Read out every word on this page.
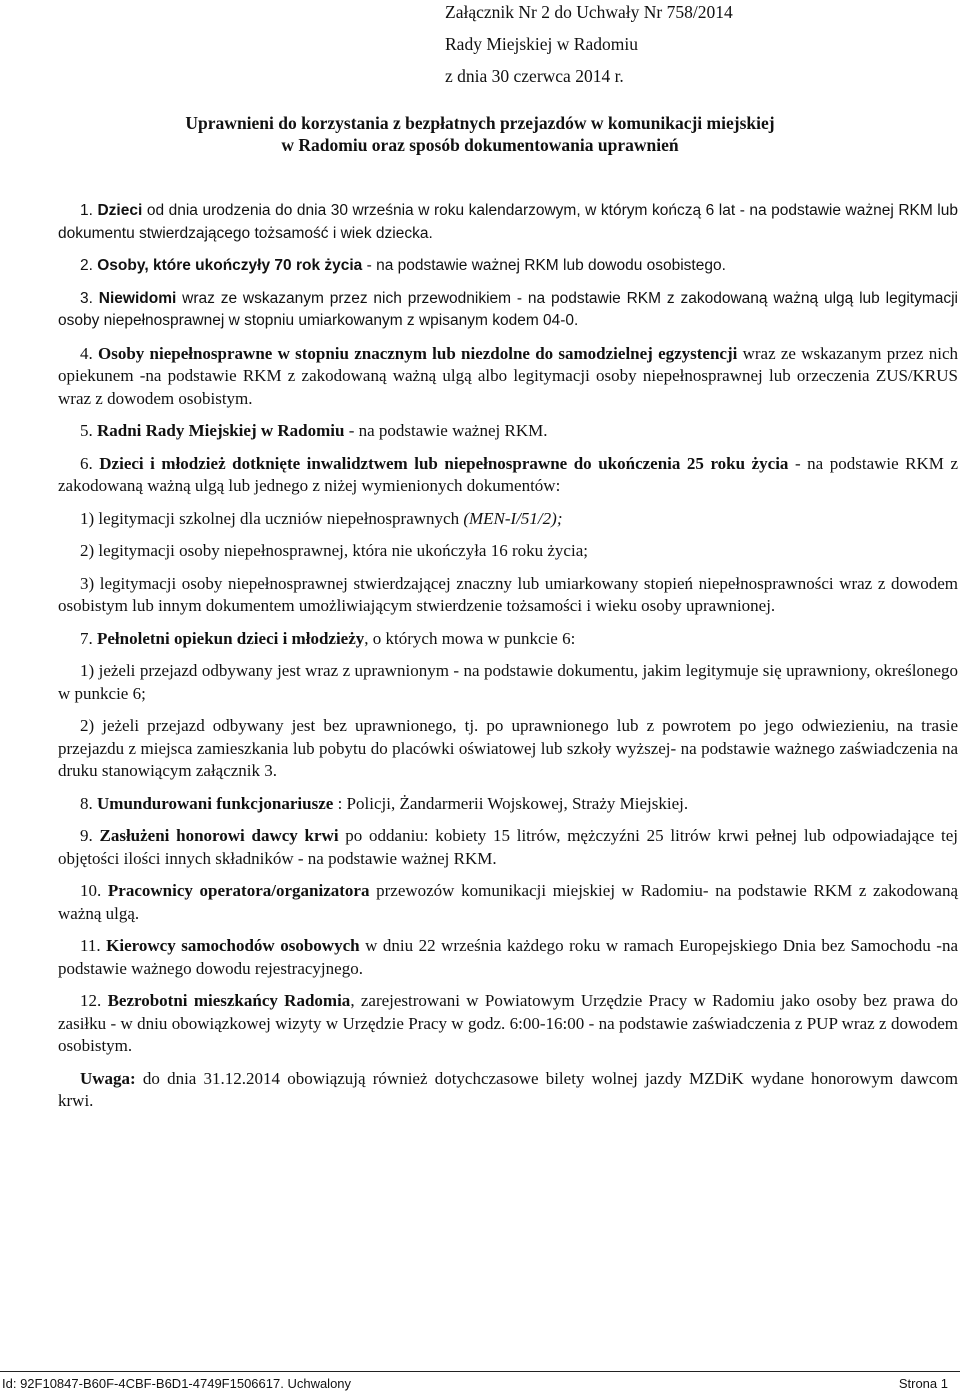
Załącznik Nr 2 do Uchwały Nr 758/2014
Rady Miejskiej w Radomiu
z dnia 30 czerwca 2014 r.
Uprawnieni do korzystania z bezpłatnych przejazdów w komunikacji miejskiej
w Radomiu oraz sposób dokumentowania uprawnień

1. Dzieci od dnia urodzenia do dnia 30 września w roku kalendarzowym, w którym kończą 6 lat - na podstawie ważnej RKM lub dokumentu stwierdzającego tożsamość i wiek dziecka.

2. Osoby, które ukończyły 70 rok życia - na podstawie ważnej RKM lub dowodu osobistego.

3. Niewidomi wraz ze wskazanym przez nich przewodnikiem - na podstawie RKM z zakodowaną ważną ulgą lub legitymacji osoby niepełnosprawnej w stopniu umiarkowanym z wpisanym kodem 04-0.

4. Osoby niepełnosprawne w stopniu znacznym lub niezdolne do samodzielnej egzystencji wraz ze wskazanym przez nich opiekunem -na podstawie RKM z zakodowaną ważną ulgą albo legitymacji osoby niepełnosprawnej lub orzeczenia ZUS/KRUS wraz z dowodem osobistym.

5. Radni Rady Miejskiej w Radomiu - na podstawie ważnej RKM.

6. Dzieci i młodzież dotknięte inwalidztwem lub niepełnosprawne do ukończenia 25 roku życia - na podstawie RKM z zakodowaną ważną ulgą lub jednego z niżej wymienionych dokumentów:

1) legitymacji szkolnej dla uczniów niepełnosprawnych (MEN-I/51/2);

2) legitymacji osoby niepełnosprawnej, która nie ukończyła 16 roku życia;

3) legitymacji osoby niepełnosprawnej stwierdzającej znaczny lub umiarkowany stopień niepełnosprawności wraz z dowodem osobistym lub innym dokumentem umożliwiającym stwierdzenie tożsamości i wieku osoby uprawnionej.

7. Pełnoletni opiekun dzieci i młodzieży, o których mowa w punkcie 6:

1) jeżeli przejazd odbywany jest wraz z uprawnionym - na podstawie dokumentu, jakim legitymuje się uprawniony, określonego w punkcie 6;

2) jeżeli przejazd odbywany jest bez uprawnionego, tj. po uprawnionego lub z powrotem po jego odwiezieniu, na trasie przejazdu z miejsca zamieszkania lub pobytu do placówki oświatowej lub szkoły wyższej- na podstawie ważnego zaświadczenia na druku stanowiącym załącznik 3.

8. Umundurowani funkcjonariusze : Policji, Żandarmerii Wojskowej, Straży Miejskiej.

9. Zasłużeni honorowi dawcy krwi po oddaniu: kobiety 15 litrów, mężczyźni 25 litrów krwi pełnej lub odpowiadające tej objętości ilości innych składników - na podstawie ważnej RKM.

10. Pracownicy operatora/organizatora przewozów komunikacji miejskiej w Radomiu- na podstawie RKM z zakodowaną ważną ulgą.

11. Kierowcy samochodów osobowych w dniu 22 września każdego roku w ramach Europejskiego Dnia bez Samochodu -na podstawie ważnego dowodu rejestracyjnego.

12. Bezrobotni mieszkańcy Radomia, zarejestrowani w Powiatowym Urzędzie Pracy w Radomiu jako osoby bez prawa do zasiłku - w dniu obowiązkowej wizyty w Urzędzie Pracy w godz. 6:00-16:00 - na podstawie zaświadczenia z PUP wraz z dowodem osobistym.

Uwaga: do dnia 31.12.2014 obowiązują również dotychczasowe bilety wolnej jazdy MZDiK wydane honorowym dawcom krwi.

Id: 92F10847-B60F-4CBF-B6D1-4749F1506617. Uchwalony	Strona 1
